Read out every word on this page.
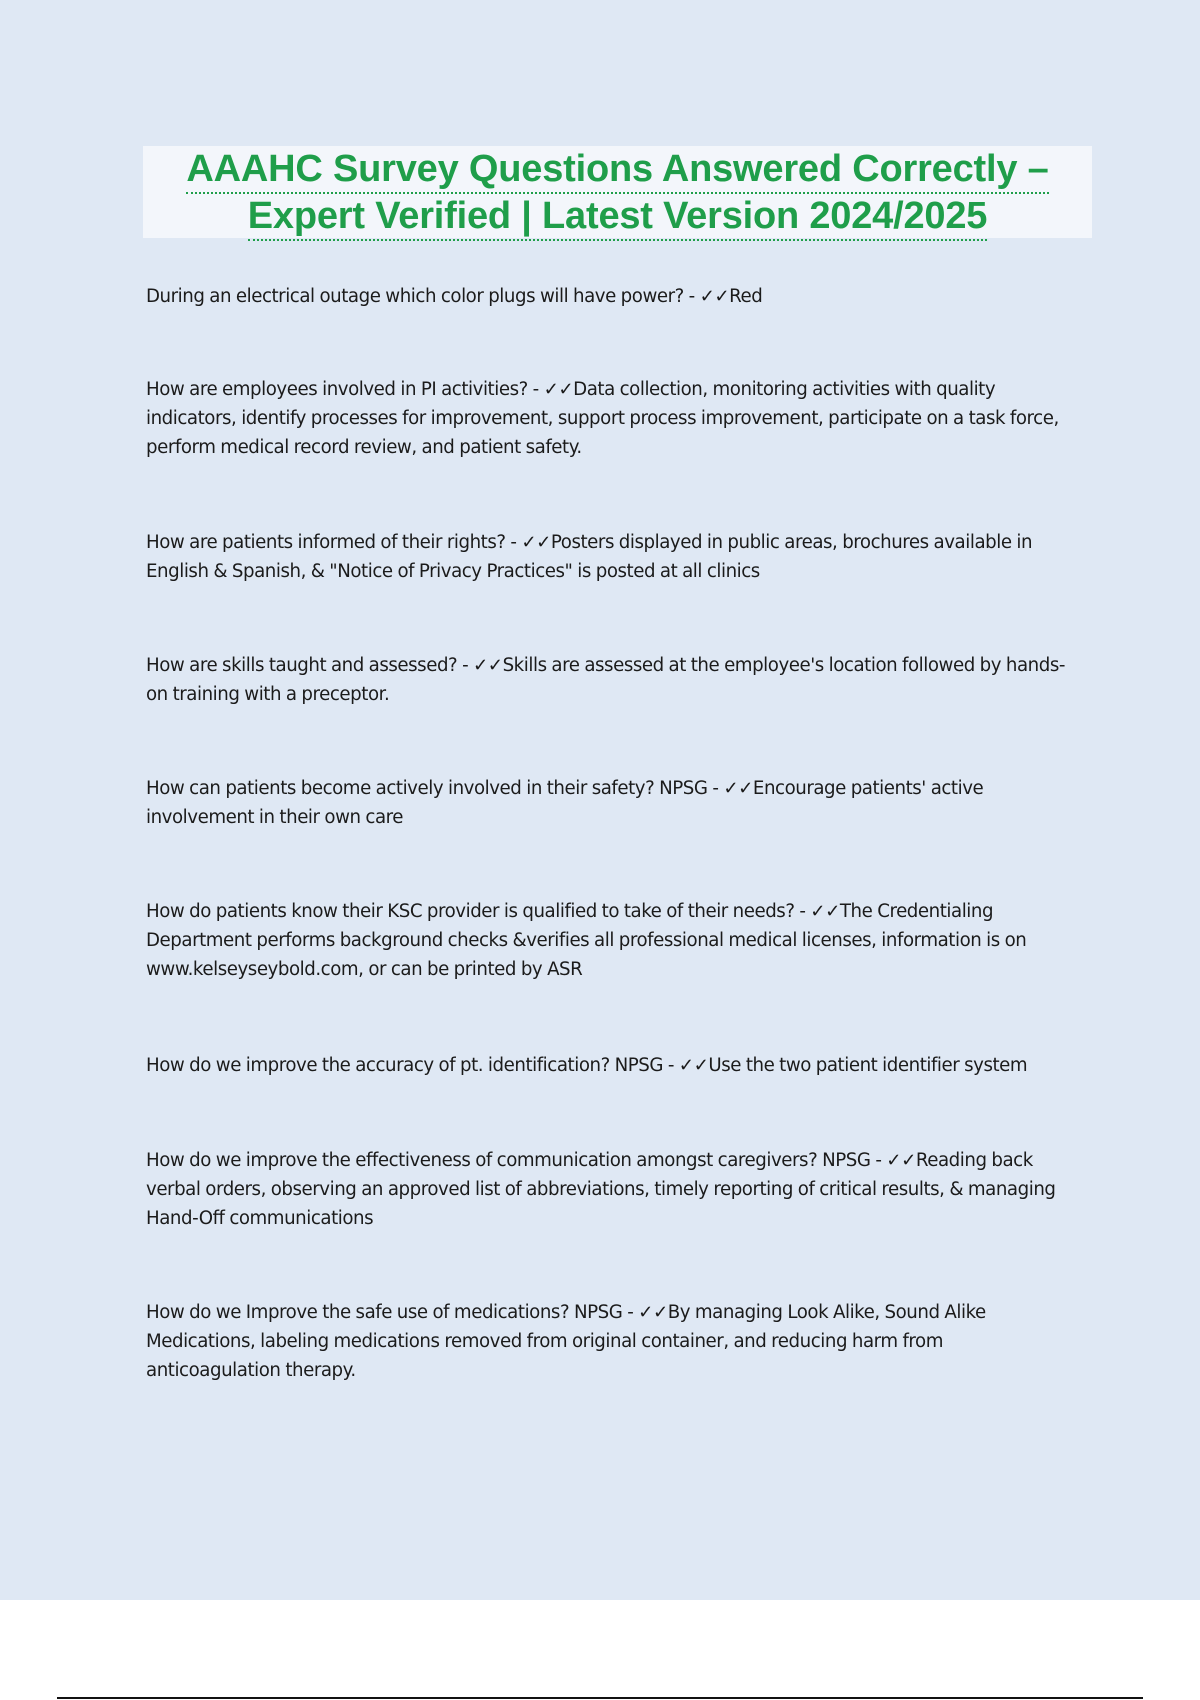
AAAHC Survey Questions Answered Correctly –
Expert Verified | Latest Version 2024/2025
During an electrical outage which color plugs will have power? - ✓✓Red
How are employees involved in PI activities? - ✓✓Data collection, monitoring activities with quality indicators, identify processes for improvement, support process improvement, participate on a task force, perform medical record review, and patient safety.
How are patients informed of their rights? - ✓✓Posters displayed in public areas, brochures available in English & Spanish, & "Notice of Privacy Practices" is posted at all clinics
How are skills taught and assessed? - ✓✓Skills are assessed at the employee's location followed by hands-on training with a preceptor.
How can patients become actively involved in their safety? NPSG - ✓✓Encourage patients' active involvement in their own care
How do patients know their KSC provider is qualified to take of their needs? - ✓✓The Credentialing Department performs background checks &verifies all professional medical licenses, information is on www.kelseyseybold.com, or can be printed by ASR
How do we improve the accuracy of pt. identification? NPSG - ✓✓Use the two patient identifier system
How do we improve the effectiveness of communication amongst caregivers? NPSG - ✓✓Reading back verbal orders, observing an approved list of abbreviations, timely reporting of critical results, & managing Hand-Off communications
How do we Improve the safe use of medications? NPSG - ✓✓By managing Look Alike, Sound Alike Medications, labeling medications removed from original container, and reducing harm from anticoagulation therapy.
